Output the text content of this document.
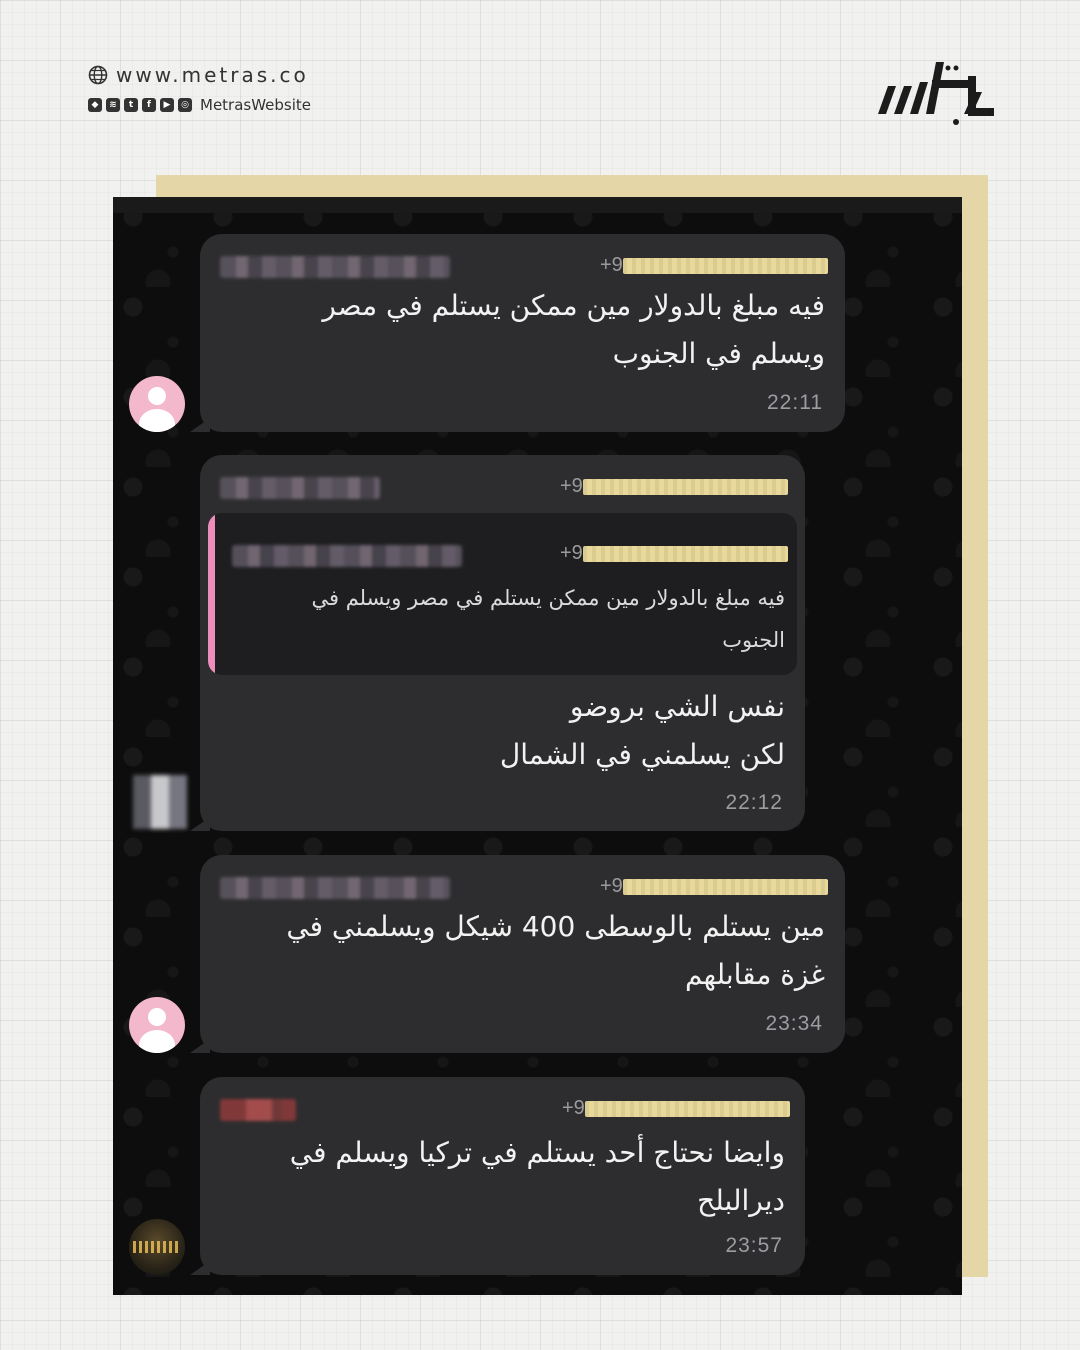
www.metras.co
◆	≋	t	f	▶	◎ MetrasWebsite
+9
فيه مبلغ بالدولار مين ممكن يستلم في مصر
ويسلم في الجنوب
22:11
+9
+9
فيه مبلغ بالدولار مين ممكن يستلم في مصر ويسلم في
الجنوب
نفس الشي بروضو
لكن يسلمني في الشمال
22:12
+9
مين يستلم بالوسطى 400 شيكل ويسلمني في
غزة مقابلهم
23:34
+9
وايضا نحتاج أحد يستلم في تركيا ويسلم في
ديرالبلح
23:57
